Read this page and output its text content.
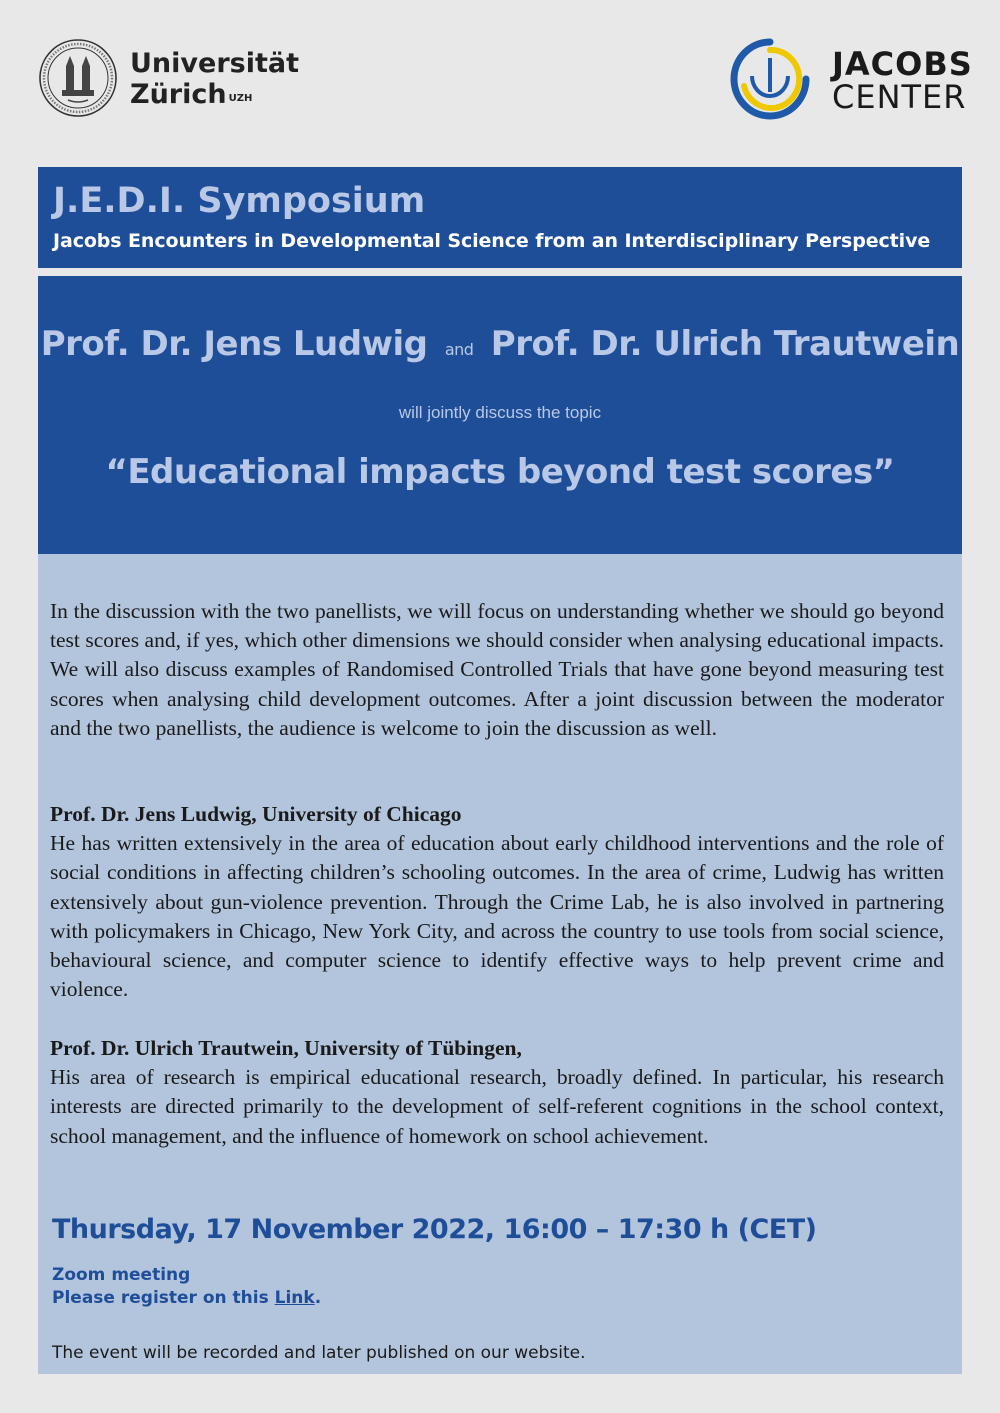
Universität
Zürich $^{UZH}$
JACOBS
CENTER
J.E.D.I. Symposium
Jacobs Encounters in Developmental Science from an Interdisciplinary Perspective
Prof. Dr. Jens Ludwig and Prof. Dr. Ulrich Trautwein
will jointly discuss the topic
“Educational impacts beyond test scores”

In the discussion with the two panellists, we will focus on understanding whether we should go beyond test scores and, if yes, which other dimensions we should consider when analysing educational impacts. We will also discuss examples of Randomised Controlled Trials that have gone beyond measuring test scores when analysing child development outcomes. After a joint discussion between the moderator and the two panellists, the audience is welcome to join the discussion as well.

Prof. Dr. Jens Ludwig, University of Chicago
He has written extensively in the area of education about early childhood interventions and the role of social conditions in affecting children’s schooling outcomes. In the area of crime, Ludwig has written extensively about gun-violence prevention. Through the Crime Lab, he is also involved in partnering with policymakers in Chicago, New York City, and across the country to use tools from social science, behavioural science, and computer science to identify effective ways to help prevent crime and violence.
Prof. Dr. Ulrich Trautwein, University of Tübingen,
His area of research is empirical educational research, broadly defined. In particular, his research interests are directed primarily to the development of self-referent cognitions in the school context, school management, and the influence of homework on school achievement.
Thursday, 17 November 2022, 16:00 – 17:30 h (CET)
Zoom meeting
Please register on this Link.
The event will be recorded and later published on our website.
